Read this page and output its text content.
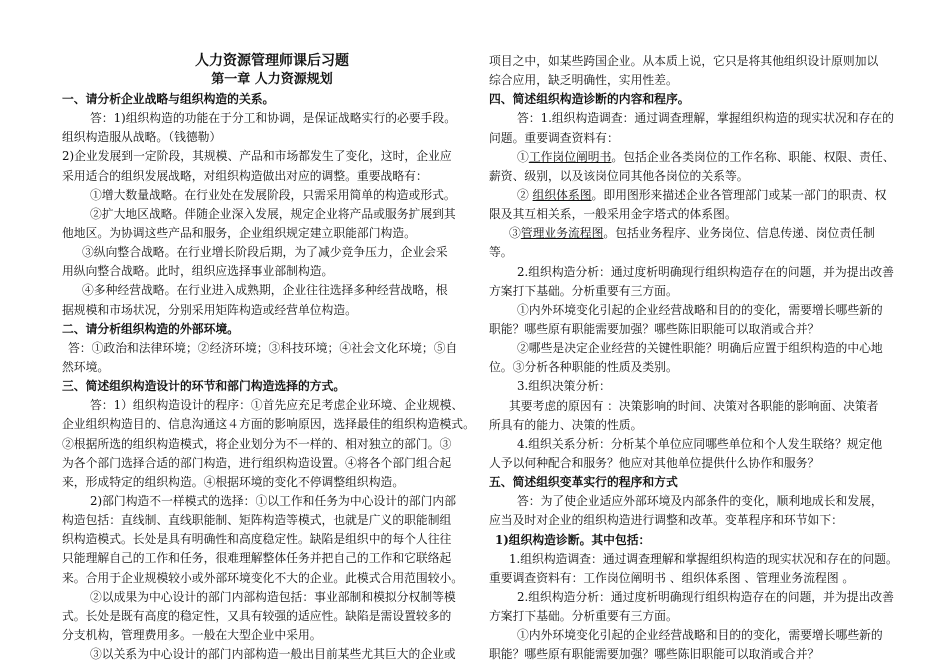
人力资源管理师课后习题
第一章 人力资源规划
一、请分析企业战略与组织构造的关系。
答：1)组织构造的功能在于分工和协调，是保证战略实行的必要手段。
组织构造服从战略。（钱德勒）
2)企业发展到一定阶段，其规模、产品和市场都发生了变化，这时，企业应
采用适合的组织发展战略，对组织构造做出对应的调整。重要战略有：
①增大数量战略。在行业处在发展阶段，只需采用简单的构造或形式。
②扩大地区战略。伴随企业深入发展，规定企业将产品或服务扩展到其
他地区。为协调这些产品和服务，企业组织规定建立职能部门构造。
③纵向整合战略。在行业增长阶段后期，为了减少竞争压力，企业会采
用纵向整合战略。此时，组织应选择事业部制构造。
④多种经营战略。在行业进入成熟期，企业往往选择多种经营战略，根
据规模和市场状况，分别采用矩阵构造或经营单位构造。
二、请分析组织构造的外部环境。
答：①政治和法律环境；②经济环境；③科技环境；④社会文化环境；⑤自
然环境。
三、简述组织构造设计的环节和部门构造选择的方式。
答：1）组织构造设计的程序：①首先应充足考虑企业环境、企业规模、
企业组织构造目的、信息沟通这４方面的影响原因，选择最佳的组织构造模式。
②根据所选的组织构造模式，将企业划分为不一样的、相对独立的部门。③
为各个部门选择合适的部门构造，进行组织构造设置。④将各个部门组合起
来，形成特定的组织构造。④根据环境的变化不停调整组织构造。
2)部门构造不一样模式的选择：①以工作和任务为中心设计的部门内部
构造包括：直线制、直线职能制、矩阵构造等模式，也就是广义的职能制组
织构造模式。长处是具有明确性和高度稳定性。缺陷是组织中的每个人往往
只能理解自己的工作和任务，很难理解整体任务并把自己的工作和它联络起
来。合用于企业规模较小或外部环境变化不大的企业。此模式合用范围较小。
②以成果为中心设计的部门内部构造包括：事业部制和模拟分权制等模
式。长处是既有高度的稳定性，又具有较强的适应性。缺陷是需设置较多的
分支机构，管理费用多。一般在大型企业中采用。
③以关系为中心设计的部门内部构造一般出目前某些尤其巨大的企业或
项目之中，如某些跨国企业。从本质上说，它只是将其他组织设计原则加以
综合应用，缺乏明确性，实用性差。
四、简述组织构造诊断的内容和程序。
答：1.组织构造调查：通过调查理解，掌握组织构造的现实状况和存在的
问题。重要调查资料有：
①工作岗位阐明书。包括企业各类岗位的工作名称、职能、权限、责任、
薪资、级别，以及该岗位同其他各岗位的关系等。
② 组织体系图。即用图形来描述企业各管理部门或某一部门的职责、权
限及其互相关系，一般采用金字塔式的体系图。
③管理业务流程图。包括业务程序、业务岗位、信息传递、岗位责任制
等。
2.组织构造分析：通过度析明确现行组织构造存在的问题，并为提出改善
方案打下基础。分析重要有三方面。
①内外环境变化引起的企业经营战略和目的的变化，需要增长哪些新的
职能？哪些原有职能需要加强？哪些陈旧职能可以取消或合并？
②哪些是决定企业经营的关键性职能？明确后应置于组织构造的中心地
位。③分析各种职能的性质及类别。
3.组织决策分析：
其要考虑的原因有 ：决策影响的时间、决策对各职能的影响面、决策者
所具有的能力、决策的性质。
4.组织关系分析：分析某个单位应同哪些单位和个人发生联络？规定他
人予以何种配合和服务？他应对其他单位提供什么协作和服务？
五、简述组织变革实行的程序和方式
答：为了使企业适应外部环境及内部条件的变化，顺利地成长和发展，
应当及时对企业的组织构造进行调整和改革。变革程序和环节如下：
1)组织构造诊断。其中包括：
1.组织构造调查：通过调查理解和掌握组织构造的现实状况和存在的问题。
重要调查资料有：工作岗位阐明书 、组织体系图 、管理业务流程图 。
2.组织构造分析：通过度析明确现行组织构造存在的问题，并为提出改善
方案打下基础。分析重要有三方面。
①内外环境变化引起的企业经营战略和目的的变化，需要增长哪些新的
职能？哪些原有职能需要加强？哪些陈旧职能可以取消或合并？
